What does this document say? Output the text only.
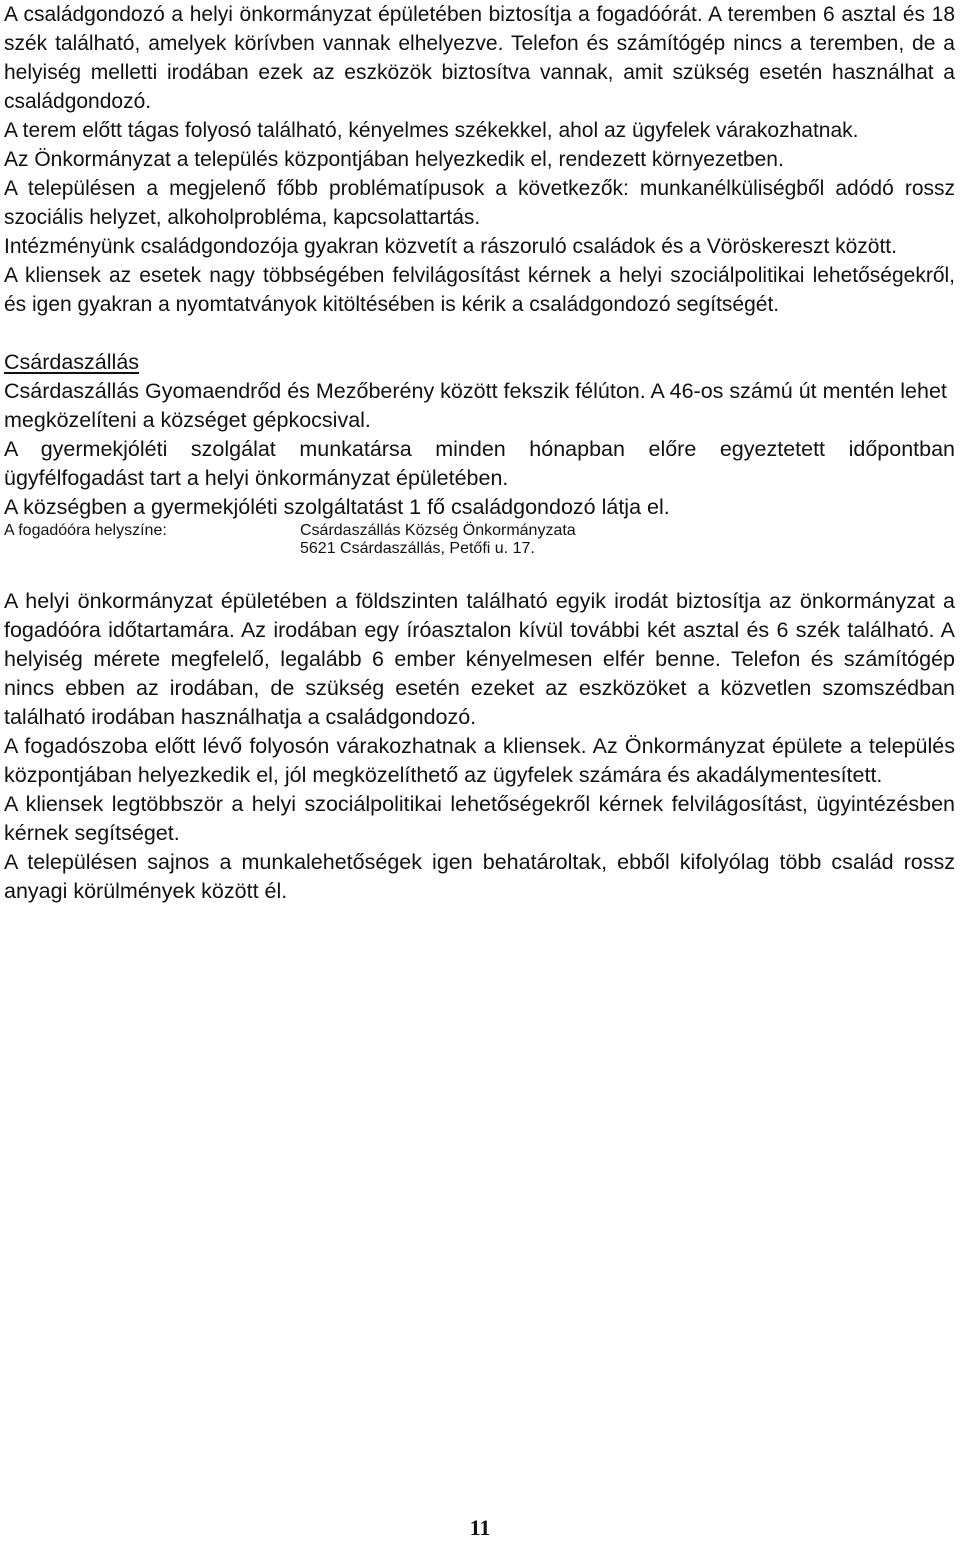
A családgondozó a helyi önkormányzat épületében biztosítja a fogadóórát. A teremben 6 asztal és 18 szék található, amelyek körívben vannak elhelyezve. Telefon és számítógép nincs a teremben, de a helyiség melletti irodában ezek az eszközök biztosítva vannak, amit szükség esetén használhat a családgondozó.

A terem előtt tágas folyosó található, kényelmes székekkel, ahol az ügyfelek várakozhatnak.

Az Önkormányzat a település központjában helyezkedik el, rendezett környezetben.

A településen a megjelenő főbb problématípusok a következők: munkanélküliségből adódó rossz szociális helyzet, alkoholprobléma, kapcsolattartás.

Intézményünk családgondozója gyakran közvetít a rászoruló családok és a Vöröskereszt között.

A kliensek az esetek nagy többségében felvilágosítást kérnek a helyi szociálpolitikai lehetőségekről, és igen gyakran a nyomtatványok kitöltésében is kérik a családgondozó segítségét.

Csárdaszállás

Csárdaszállás Gyomaendrőd és Mezőberény között fekszik félúton. A 46-os számú út mentén lehet megközelíteni a községet gépkocsival.

A gyermekjóléti szolgálat munkatársa minden hónapban előre egyeztetett időpontban ügyfélfogadást tart a helyi önkormányzat épületében.

A községben a gyermekjóléti szolgáltatást 1 fő családgondozó látja el.

A fogadóóra helyszíne:	Csárdaszállás Község Önkormányzata
5621 Csárdaszállás, Petőfi u. 17.

A helyi önkormányzat épületében a földszinten található egyik irodát biztosítja az önkormányzat a fogadóóra időtartamára. Az irodában egy íróasztalon kívül további két asztal és 6 szék található. A helyiség mérete megfelelő, legalább 6 ember kényelmesen elfér benne. Telefon és számítógép nincs ebben az irodában, de szükség esetén ezeket az eszközöket a közvetlen szomszédban található irodában használhatja a családgondozó.

A fogadószoba előtt lévő folyosón várakozhatnak a kliensek. Az Önkormányzat épülete a település központjában helyezkedik el, jól megközelíthető az ügyfelek számára és akadálymentesített.

A kliensek legtöbbször a helyi szociálpolitikai lehetőségekről kérnek felvilágosítást, ügyintézésben kérnek segítséget.

A településen sajnos a munkalehetőségek igen behatároltak, ebből kifolyólag több család rossz anyagi körülmények között él.

11
